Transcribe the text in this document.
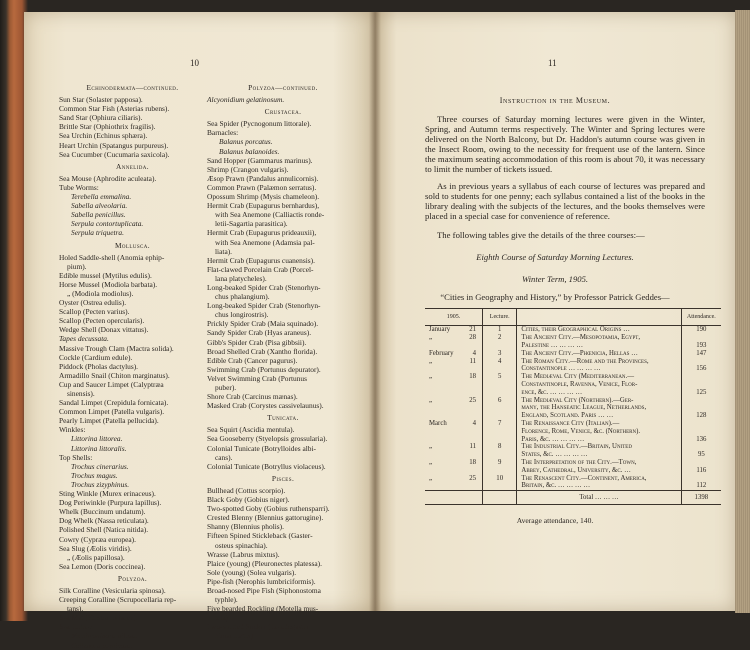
10
Echinodermata—continued.
Sun Star (Solaster papposa).
Common Star Fish (Asterias rubens).
Sand Star (Ophiura ciliaris).
Brittle Star (Ophiothrix fragilis).
Sea Urchin (Echinus sphæra).
Heart Urchin (Spatangus purpureus).
Sea Cucumber (Cucumaria saxicola).
Annelida.
Sea Mouse (Aphrodite aculeata).
Tube Worms:
Terebella emmalina.
Sabella alveolaria.
Sabella penicillus.
Serpula contortuplicata.
Serpula triquetra.
Mollusca.
Holed Saddle-shell (Anomia ephip-
pium).
Edible mussel (Mytilus edulis).
Horse Mussel (Modiola barbata).
„ (Modiola modiolus).
Oyster (Ostrea edulis).
Scallop (Pecten varius).
Scallop (Pecten opercularis).
Wedge Shell (Donax vittatus).
Tapes decussata.
Massive Trough Clam (Mactra solida).
Cockle (Cardium edule).
Piddock (Pholas dactylus).
Armadillo Snail (Chiton marginatus).
Cup and Saucer Limpet (Calyptræa
sinensis).
Sandal Limpet (Crepidula fornicata).
Common Limpet (Patella vulgaris).
Pearly Limpet (Patella pellucida).
Winkles:
Littorina littorea.
Littorina littoralis.
Top Shells:
Trochus cinerarius.
Trochus magus.
Trochus zizyphinus.
Sting Winkle (Murex erinaceus).
Dog Periwinkle (Purpura lapillus).
Whelk (Buccinum undatum).
Dog Whelk (Nassa reticulata).
Polished Shell (Natica nitida).
Cowry (Cypræa europea).
Sea Slug (Æolis viridis).
„ (Æolis papillosa).
Sea Lemon (Doris coccinea).
Polyzoa.
Silk Coralline (Vesicularia spinosa).
Creeping Coralline (Scrupocellaria rep-
tans).
Sea Mat (Flustra foliacea).
Sea Lichen:
Membranipora pilosa.
Cellepora pumicosa.
Polyzoa—continued.
Alcyonidium gelatinosum.
Crustacea.
Sea Spider (Pycnogonum littorale).
Barnacles:
Balanus porcatus.
Balanus balanoides.
Sand Hopper (Gammarus marinus).
Shrimp (Crangon vulgaris).
Æsop Prawn (Pandalus annulicornis).
Common Prawn (Palæmon serratus).
Opossum Shrimp (Mysis chameleon).
Hermit Crab (Eupagurus bernhardus),
with Sea Anemone (Calliactis ronde-
letii-Sagartia parasitica).
Hermit Crab (Eupagurus prideauxii),
with Sea Anemone (Adamsia pal-
liata).
Hermit Crab (Eupagurus cuanensis).
Flat-clawed Porcelain Crab (Porcel-
lana platycheles).
Long-beaked Spider Crab (Stenorhyn-
chus phalangium).
Long-beaked Spider Crab (Stenorhyn-
chus longirostris).
Prickly Spider Crab (Maia squinado).
Sandy Spider Crab (Hyas araneus).
Gibb's Spider Crab (Pisa gibbsii).
Broad Shelled Crab (Xantho florida).
Edible Crab (Cancer pagurus).
Swimming Crab (Portunus depurator).
Velvet Swimming Crab (Portunus
puber).
Shore Crab (Carcinus mænas).
Masked Crab (Corystes cassivelaunus).
Tunicata.
Sea Squirt (Ascidia mentula).
Sea Gooseberry (Styelopsis grossularia).
Colonial Tunicate (Botrylloides albi-
cans).
Colonial Tunicate (Botryllus violaceus).
Pisces.
Bullhead (Cottus scorpio).
Black Goby (Gobius niger).
Two-spotted Goby (Gobius ruthensparri).
Crested Blenny (Blennius gattorugine).
Shanny (Blennius pholis).
Fifteen Spined Stickleback (Gaster-
osteus spinachia).
Wrasse (Labrus mixtus).
Plaice (young) (Pleuronectes platessa).
Sole (young) (Solea vulgaris).
Pipe-fish (Nerophis lumbriciformis).
Broad-nosed Pipe Fish (Siphonostoma
typhle).
Five bearded Rockling (Motella mus-
tela).
Two-spotted Sucker (Lepidogaster
bimaculatus).
11
Instruction in the Museum.
Three courses of Saturday morning lectures were given in the Winter, Spring, and Autumn terms respectively. The Winter and Spring lectures were delivered on the North Balcony, but Dr. Haddon's autumn course was given in the Insect Room, owing to the necessity for frequent use of the lantern. Since the maximum seating accommodation of this room is about 70, it was necessary to limit the number of tickets issued.
As in previous years a syllabus of each course of lectures was prepared and sold to students for one penny; each syllabus contained a list of the books in the library dealing with the subjects of the lectures, and the books themselves were placed in a special case for convenience of reference.
The following tables give the details of the three courses:—
Eighth Course of Saturday Morning Lectures.
Winter Term, 1905.
“Cities in Geography and History,” by Professor Patrick Geddes—
1905.	Lecture.	Attendance.
January	21	1	Cities, their Geographical Origins …	190
„	28	2	The Ancient City.—Mesopotamia, Egypt,
Palestine … … … …	193
February	4	3	The Ancient City.—Phœnicia, Hellas …	147
„	11	4	The Roman City.—Rome and the Provinces,
Constantinople … … … …	156
„	18	5	The Mediæval City (Mediterranean.—
Constantinople, Ravenna, Venice, Flor-
ence, &c. … … … …	125
„	25	6	The Mediæval City (Northern).—Ger-
many, the Hanseatic League, Netherlands,
England, Scotland. Paris … …	128
March	4	7	The Renaissance City (Italian).—
Florence, Rome, Venice, &c. (Northern).
Paris, &c. … … … …	136
„	11	8	The Industrial City.—Britain, United
States, &c. … … … …	95
„	18	9	The Interpretation of the City.—Town,
Abbey, Cathedral, University, &c. …	116
„	25	10	The Renascent City.—Continent, America,
Britain, &c. … … … …	112
Total … … …	1398
Average attendance, 140.
